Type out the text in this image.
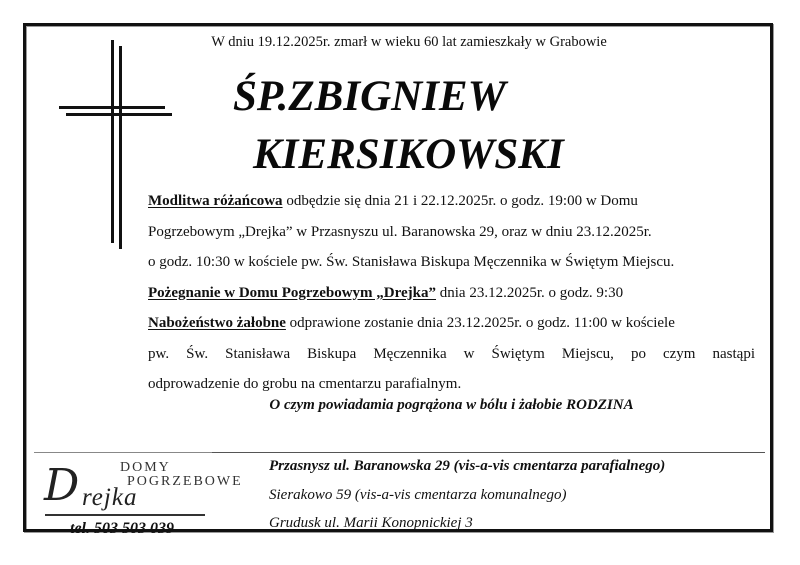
W dniu 19.12.2025r. zmarł w wieku 60 lat zamieszkały w Grabowie
ŚP.ZBIGNIEW
KIERSIKOWSKI

Modlitwa różańcowa odbędzie się dnia 21 i 22.12.2025r. o godz. 19:00 w Domu
Pogrzebowym „Drejka” w Przasnyszu ul. Baranowska 29, oraz w dniu 23.12.2025r.
o godz. 10:30 w kościele pw. Św. Stanisława Biskupa Męczennika w Świętym Miejscu.

Pożegnanie w Domu Pogrzebowym „Drejka” dnia 23.12.2025r. o godz. 9:30

Nabożeństwo żałobne odprawione zostanie dnia 23.12.2025r. o godz. 11:00 w kościele

pw. Św. Stanisława Biskupa Męczennika w Świętym Miejscu, po czym nastąpi

odprowadzenie do grobu na cmentarzu parafialnym.

O czym powiadamia pogrążona w bólu i żałobie RODZINA
DOMY
POGRZEBOWE
D rejka
tel. 503 503 039
Przasnysz ul. Baranowska 29 (vis-a-vis cmentarza parafialnego)
Sierakowo 59 (vis-a-vis cmentarza komunalnego)
Grudusk ul. Marii Konopnickiej 3
